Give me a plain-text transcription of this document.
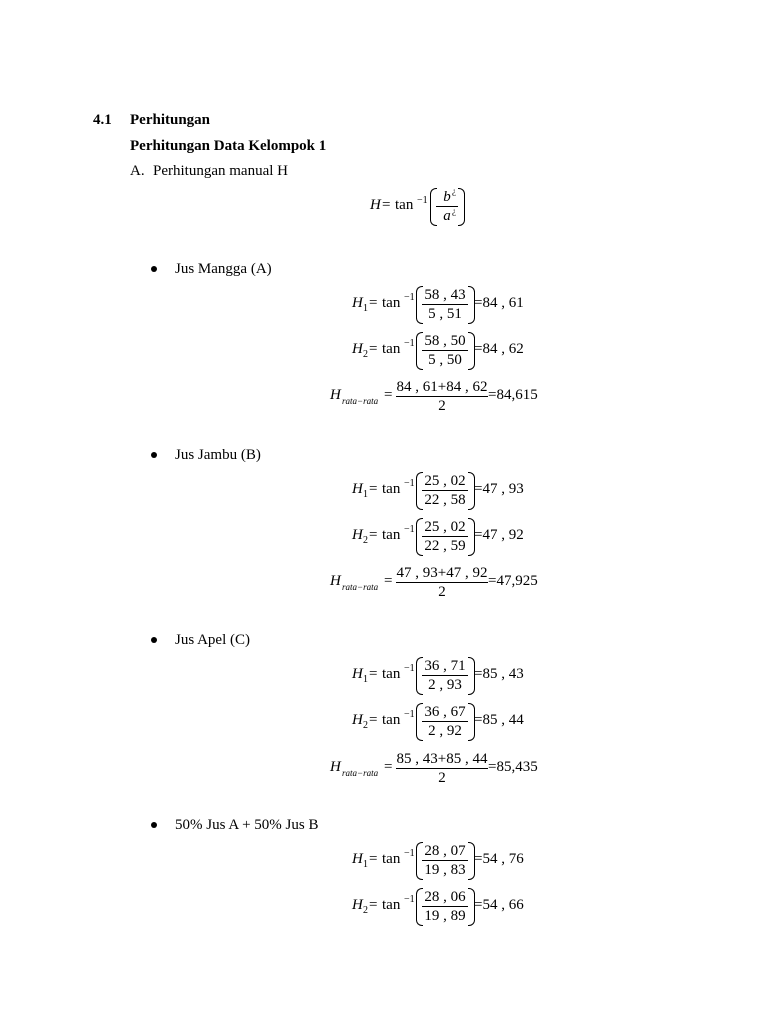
4.1 Perhitungan
Perhitungan Data Kelompok 1
A. Perhitungan manual H
H = tan −1	b
a
¿
¿
Jus Mangga (A)
H 1 = tan −1 58 , 43
5 , 51
=84 , 61
H 2 = tan −1 58 , 50
5 , 50
=84 , 62
H rata−rata = 84 , 61+84 , 62
2
=84,615
Jus Jambu (B)
H 1 = tan −1 25 , 02
22 , 58
=47 , 93
H 2 = tan −1 25 , 02
22 , 59
=47 , 92
H rata−rata = 47 , 93+47 , 92
2
=47,925
Jus Apel (C)
H 1 = tan −1 36 , 71
2 , 93
=85 , 43
H 2 = tan −1 36 , 67
2 , 92
=85 , 44
H rata−rata = 85 , 43+85 , 44
2
=85,435
50% Jus A + 50% Jus B
H 1 = tan −1 28 , 07
19 , 83
=54 , 76
H 2 = tan −1 28 , 06
19 , 89
=54 , 66
